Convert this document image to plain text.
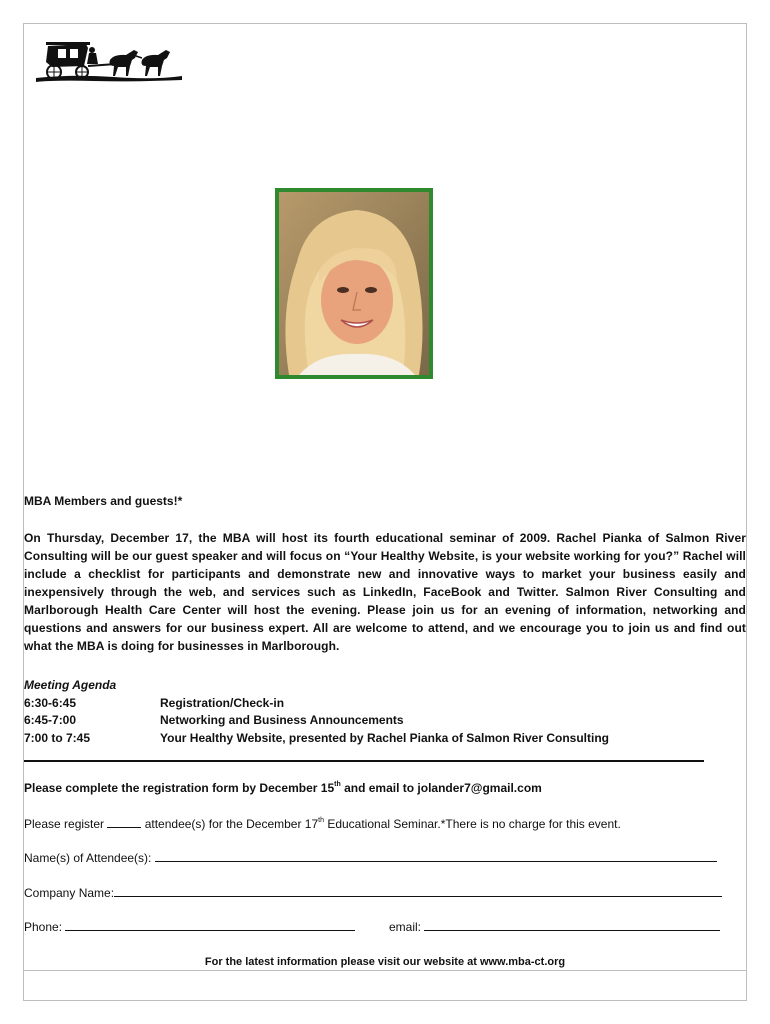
MBA Members and guests!*
On Thursday, December 17, the MBA will host its fourth educational seminar of 2009. Rachel Pianka of Salmon River Consulting will be our guest speaker and will focus on “Your Healthy Website, is your website working for you?” Rachel will include a checklist for participants and demonstrate new and innovative ways to market your business easily and inexpensively through the web, and services such as LinkedIn, FaceBook and Twitter. Salmon River Consulting and Marlborough Health Care Center will host the evening. Please join us for an evening of information, networking and questions and answers for our business expert. All are welcome to attend, and we encourage you to join us and find out what the MBA is doing for businesses in Marlborough.
Meeting Agenda
6:30-6:45	Registration/Check-in
6:45-7:00	Networking and Business Announcements
7:00 to 7:45	Your Healthy Website, presented by Rachel Pianka of Salmon River Consulting
Please complete the registration form by December 15th and email to jolander7@gmail.com
Please register	attendee(s) for the December 17th Educational Seminar.*There is no charge for this event.
Name(s) of Attendee(s):
Company Name:
Phone:	email:
For the latest information please visit our website at www.mba-ct.org
